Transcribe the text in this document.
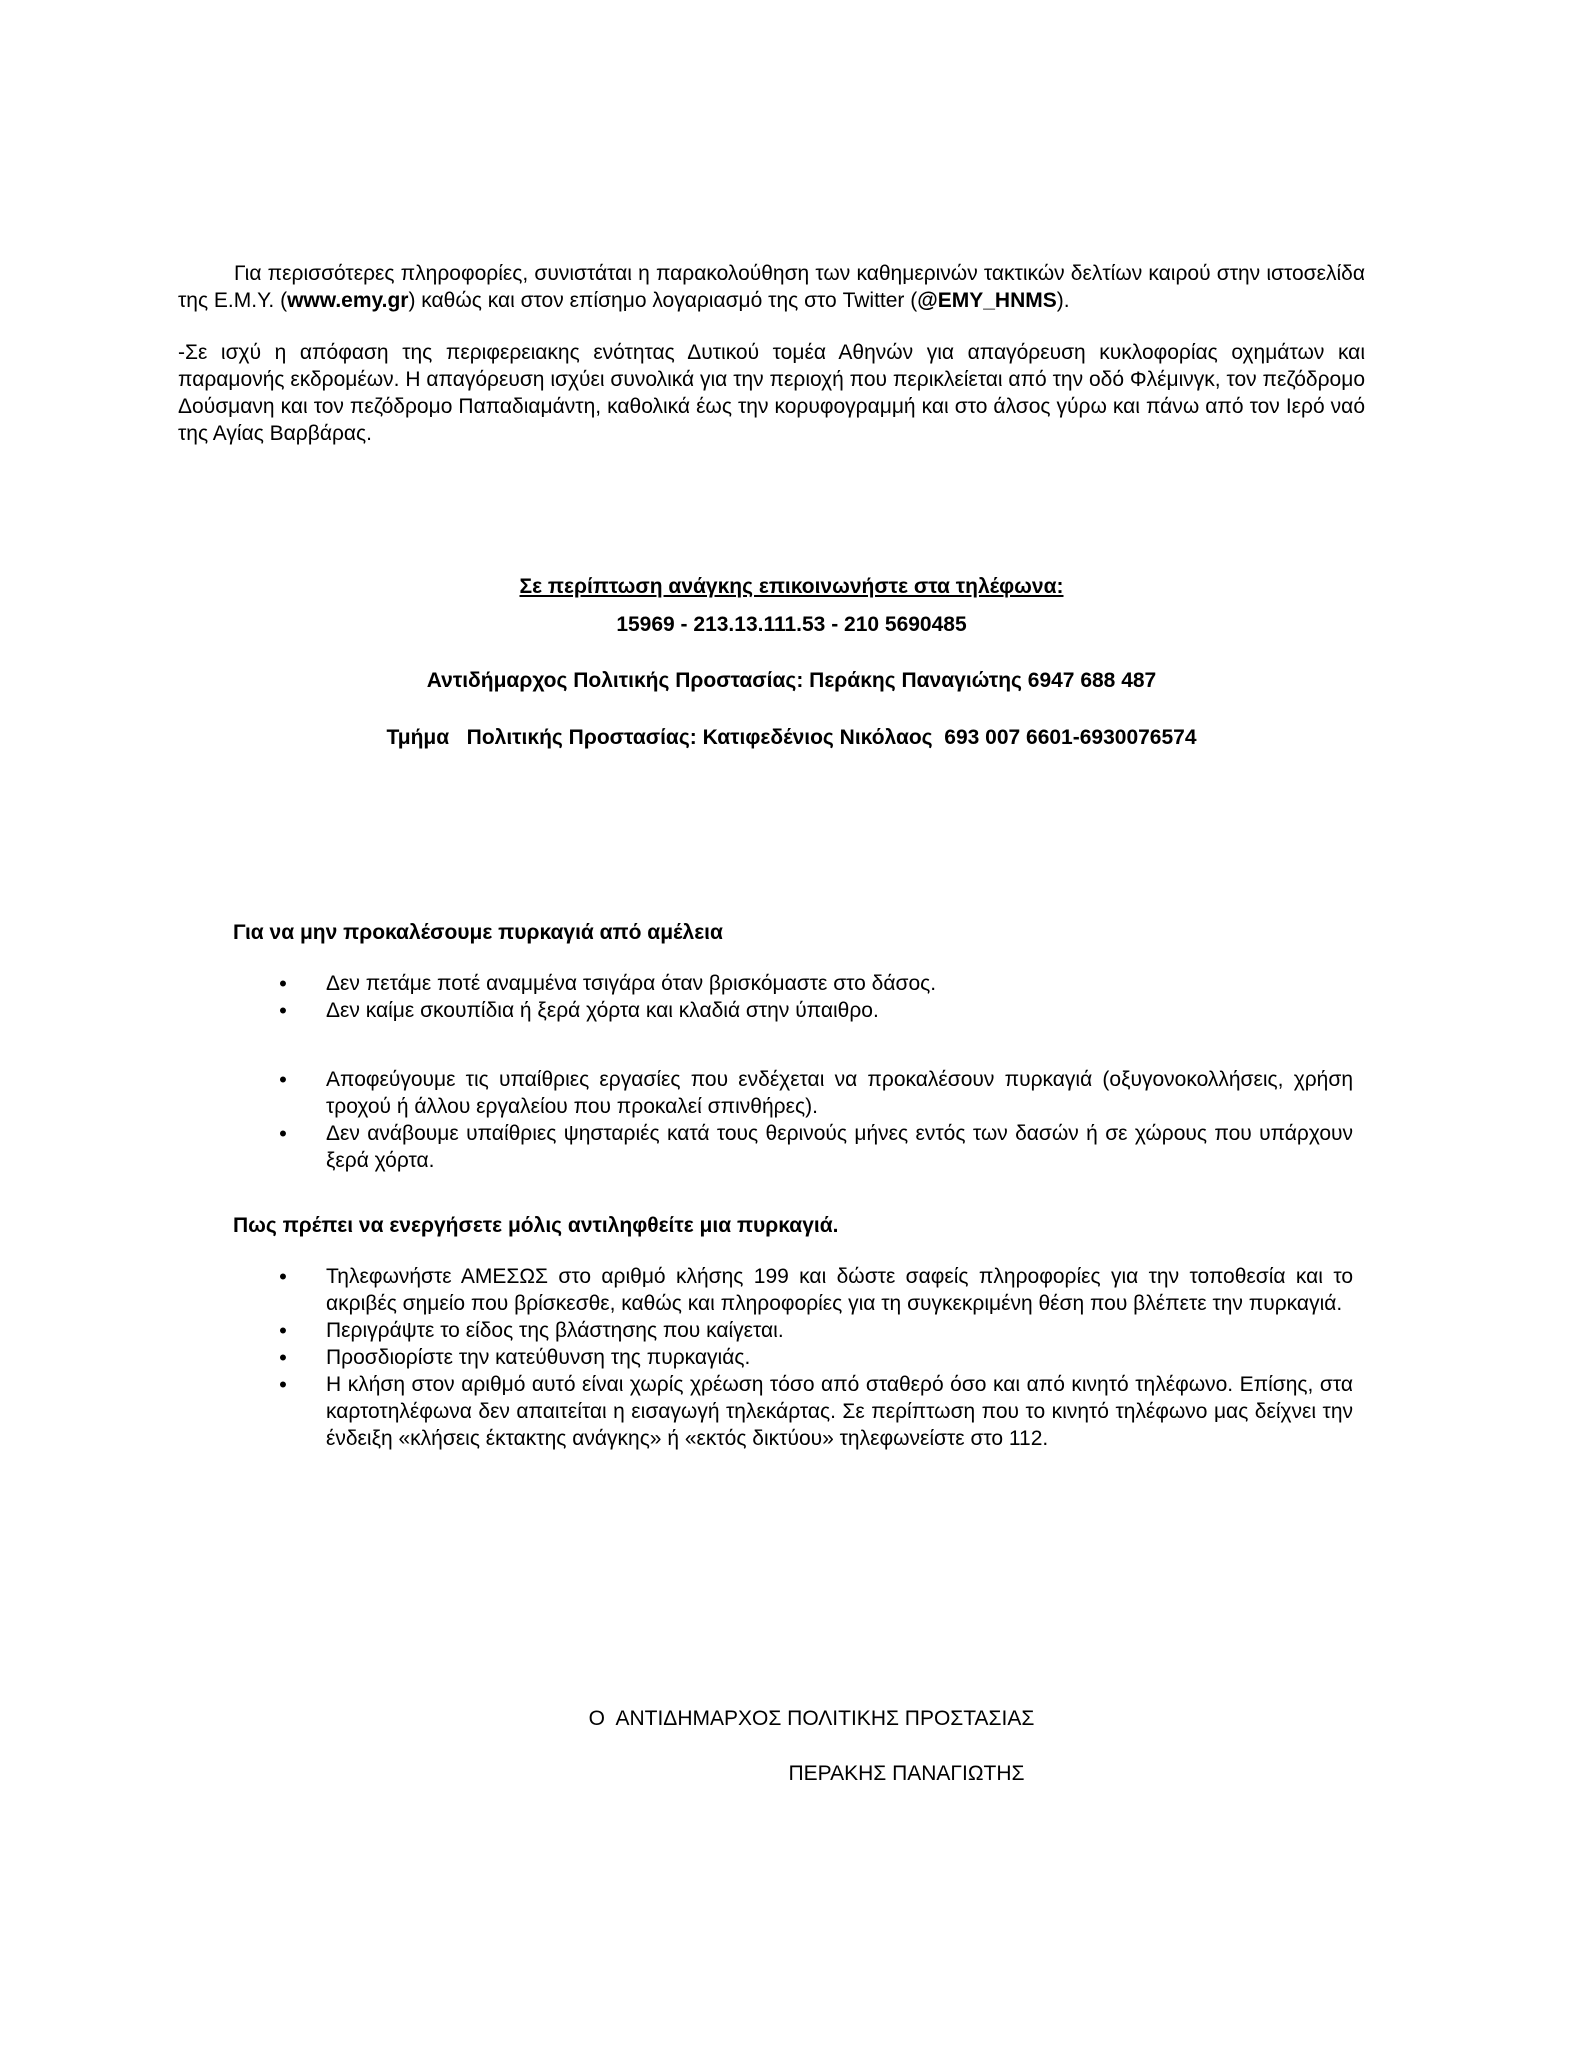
Για περισσότερες πληροφορίες, συνιστάται η παρακολούθηση των καθημερινών τακτικών δελτίων καιρού στην ιστοσελίδα της Ε.Μ.Υ. (www.emy.gr) καθώς και στον επίσημο λογαριασμό της στο Twitter (@EMY_HNMS).
-Σε ισχύ η απόφαση της περιφερειακης ενότητας Δυτικού τομέα Αθηνών για απαγόρευση κυκλοφορίας οχημάτων και παραμονής εκδρομέων. Η απαγόρευση ισχύει συνολικά για την περιοχή που περικλείεται από την οδό Φλέμινγκ, τον πεζόδρομο Δούσμανη και τον πεζόδρομο Παπαδιαμάντη, καθολικά έως την κορυφογραμμή και στο άλσος γύρω και πάνω από τον Ιερό ναό της Αγίας Βαρβάρας.
Σε περίπτωση ανάγκης επικοινωνήστε στα τηλέφωνα:
15969 - 213.13.111.53 - 210 5690485
Αντιδήμαρχος Πολιτικής Προστασίας: Περάκης Παναγιώτης 6947 688 487
Τμήμα   Πολιτικής Προστασίας: Κατιφεδένιος Νικόλαος  693 007 6601-6930076574
Για να μην προκαλέσουμε πυρκαγιά από αμέλεια
•
Δεν πετάμε ποτέ αναμμένα τσιγάρα όταν βρισκόμαστε στο δάσος.
•
Δεν καίμε σκουπίδια ή ξερά χόρτα και κλαδιά στην ύπαιθρο.
•
Αποφεύγουμε τις υπαίθριες εργασίες που ενδέχεται να προκαλέσουν πυρκαγιά (οξυγονοκολλήσεις, χρήση τροχού ή άλλου εργαλείου που προκαλεί σπινθήρες).
•
Δεν ανάβουμε υπαίθριες ψησταριές κατά τους θερινούς μήνες εντός των δασών ή σε χώρους που υπάρχουν ξερά χόρτα.
Πως πρέπει να ενεργήσετε μόλις αντιληφθείτε μια πυρκαγιά.
•
Τηλεφωνήστε ΑΜΕΣΩΣ στο αριθμό κλήσης 199 και δώστε σαφείς πληροφορίες για την τοποθεσία και το ακριβές σημείο που βρίσκεσθε, καθώς και πληροφορίες για τη συγκεκριμένη θέση που βλέπετε την πυρκαγιά.
•
Περιγράψτε το είδος της βλάστησης που καίγεται.
•
Προσδιορίστε την κατεύθυνση της πυρκαγιάς.
•
Η κλήση στον αριθμό αυτό είναι χωρίς χρέωση τόσο από σταθερό όσο και από κινητό τηλέφωνο. Επίσης, στα καρτοτηλέφωνα δεν απαιτείται η εισαγωγή τηλεκάρτας. Σε περίπτωση που το κινητό τηλέφωνο μας δείχνει την ένδειξη «κλήσεις έκτακτης ανάγκης» ή «εκτός δικτύου» τηλεφωνείστε στο 112.
Ο  ΑΝΤΙΔΗΜΑΡΧΟΣ ΠΟΛΙΤΙΚΗΣ ΠΡΟΣΤΑΣΙΑΣ
ΠΕΡΑΚΗΣ ΠΑΝΑΓΙΩΤΗΣ
